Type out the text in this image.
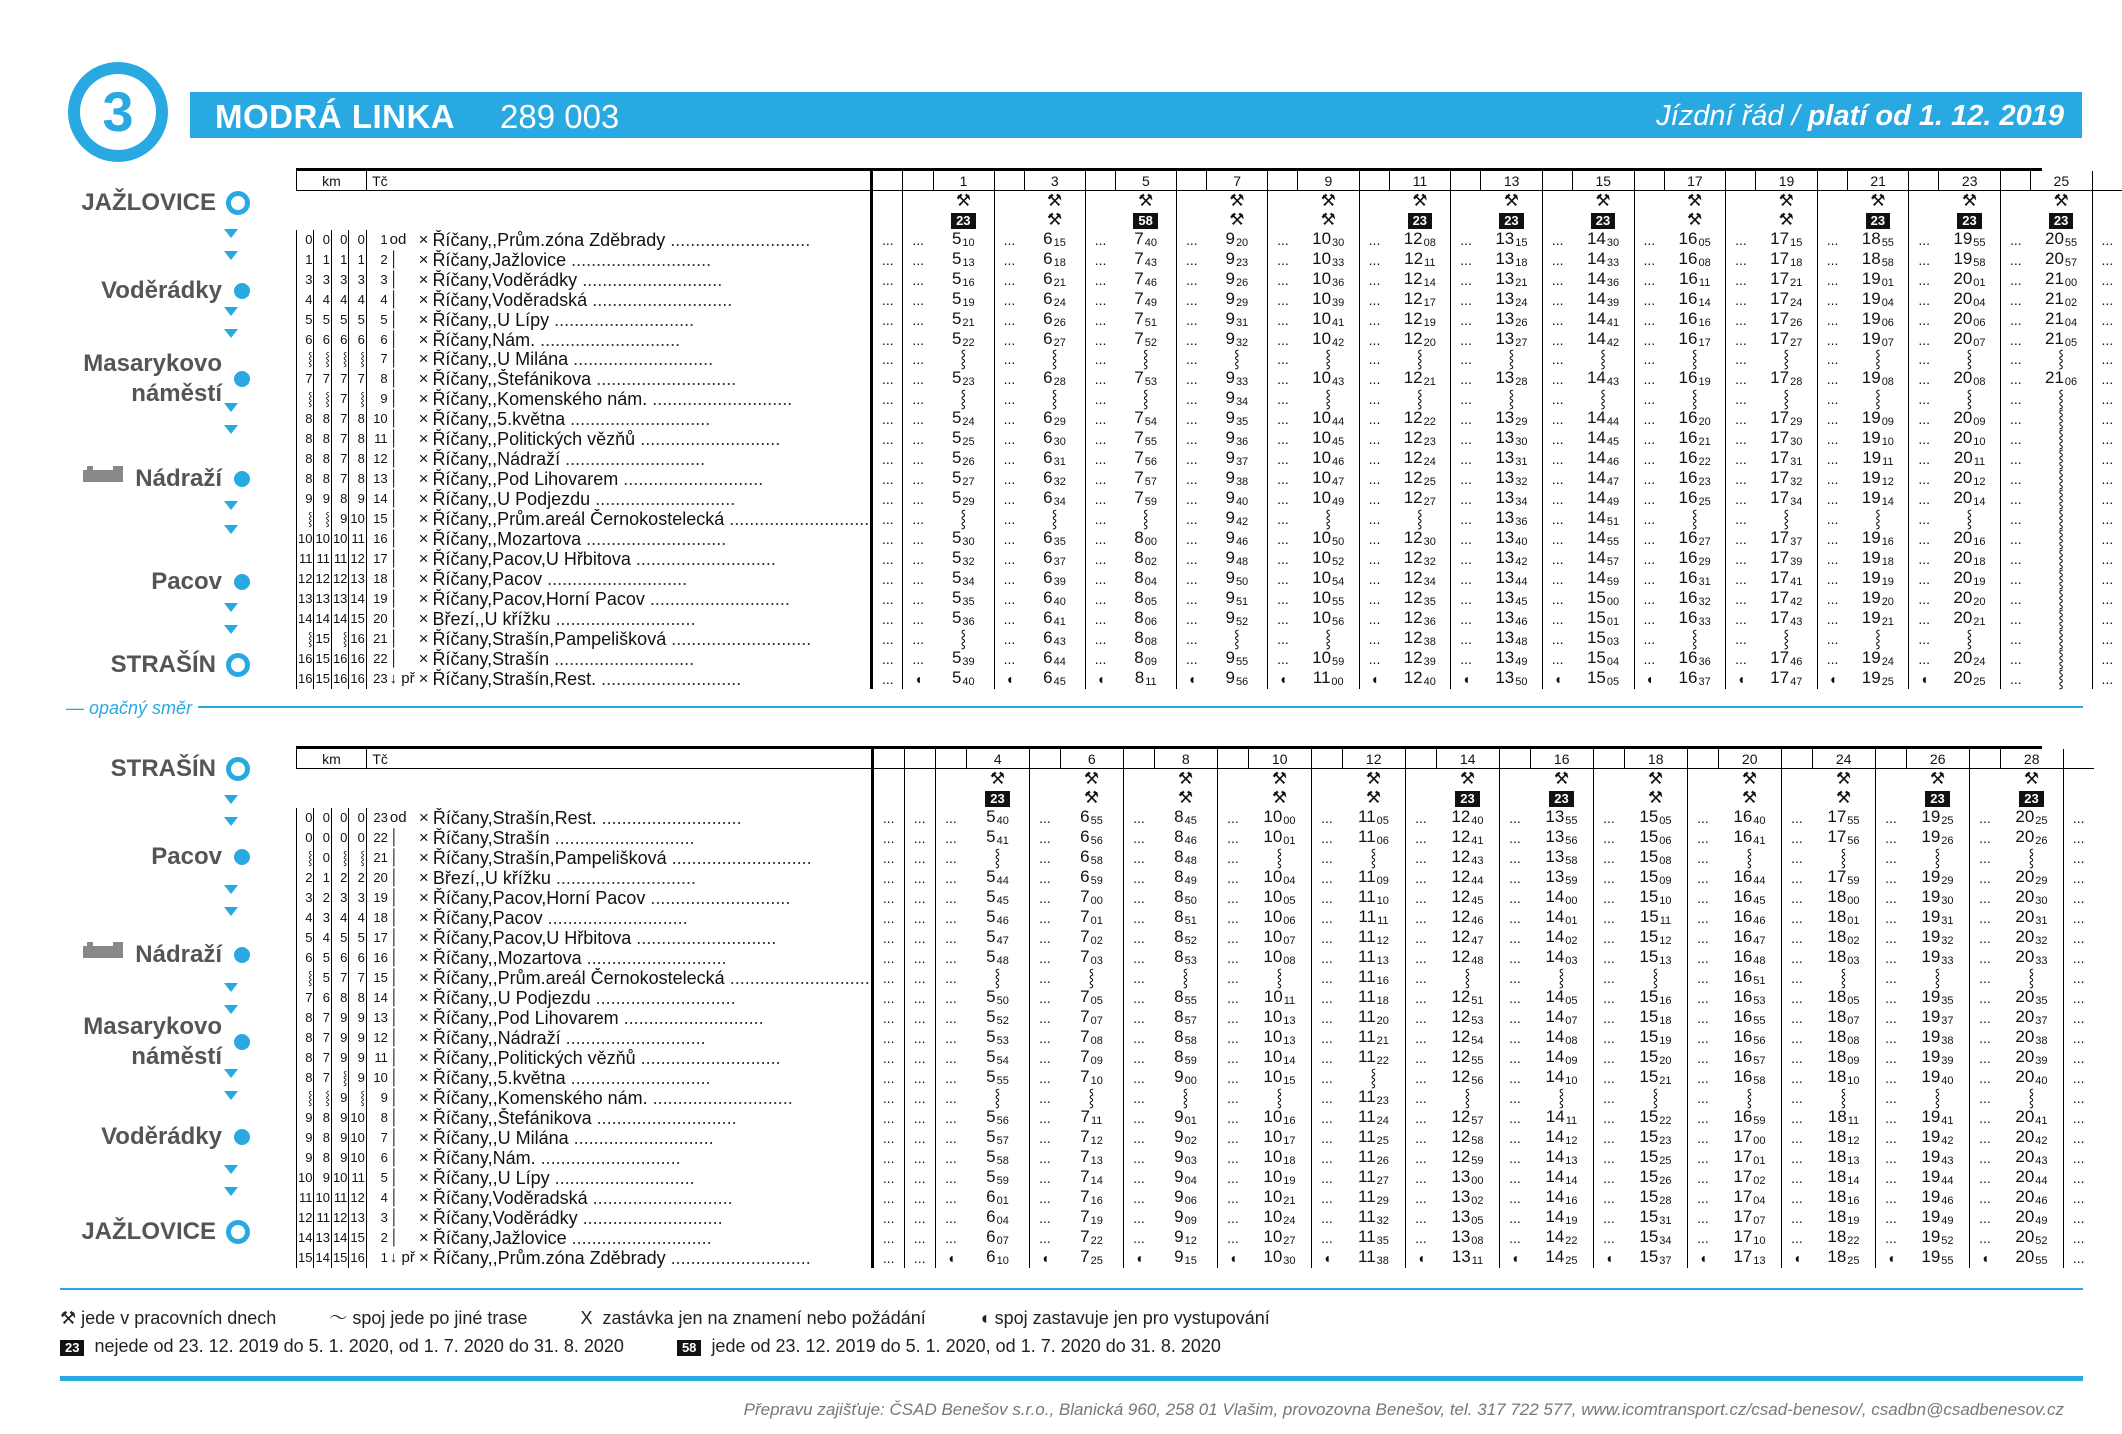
3	MODRÁ LINKA 289 003	Jízdní řád / platí od 1. 12. 2019
km				Tč						1		3		5		7		9		11		13		15		17		19		21		23		25	
										⚒		⚒		⚒		⚒		⚒		⚒		⚒		⚒		⚒		⚒		⚒		⚒		⚒	
										23		⚒		58		⚒		⚒		23		23		23		⚒		⚒		23		23		23	
0	0	0	0	1	od	×	Říčany,,Prům.zóna Zděbrady ............................	...	...	$5_{10}$	...	$6_{15}$	...	$7_{40}$	...	$9_{20}$	...	$10_{30}$	...	$12_{08}$	...	$13_{15}$	...	$14_{30}$	...	$16_{05}$	...	$17_{15}$	...	$18_{55}$	...	$19_{55}$	...	$20_{55}$	...
1	1	1	1	2	│	×	Říčany,Jažlovice ............................	...	...	$5_{13}$	...	$6_{18}$	...	$7_{43}$	...	$9_{23}$	...	$10_{33}$	...	$12_{11}$	...	$13_{18}$	...	$14_{33}$	...	$16_{08}$	...	$17_{18}$	...	$18_{58}$	...	$19_{58}$	...	$20_{57}$	...
3	3	3	3	3	│	×	Říčany,Voděrádky ............................	...	...	$5_{16}$	...	$6_{21}$	...	$7_{46}$	...	$9_{26}$	...	$10_{36}$	...	$12_{14}$	...	$13_{21}$	...	$14_{36}$	...	$16_{11}$	...	$17_{21}$	...	$19_{01}$	...	$20_{01}$	...	$21_{00}$	...
4	4	4	4	4	│	×	Říčany,Voděradská ............................	...	...	$5_{19}$	...	$6_{24}$	...	$7_{49}$	...	$9_{29}$	...	$10_{39}$	...	$12_{17}$	...	$13_{24}$	...	$14_{39}$	...	$16_{14}$	...	$17_{24}$	...	$19_{04}$	...	$20_{04}$	...	$21_{02}$	...
5	5	5	5	5	│	×	Říčany,,U Lípy ............................	...	...	$5_{21}$	...	$6_{26}$	...	$7_{51}$	...	$9_{31}$	...	$10_{41}$	...	$12_{19}$	...	$13_{26}$	...	$14_{41}$	...	$16_{16}$	...	$17_{26}$	...	$19_{06}$	...	$20_{06}$	...	$21_{04}$	...
6	6	6	6	6	│	×	Říčany,Nám. ............................	...	...	$5_{22}$	...	$6_{27}$	...	$7_{52}$	...	$9_{32}$	...	$10_{42}$	...	$12_{20}$	...	$13_{27}$	...	$14_{42}$	...	$16_{17}$	...	$17_{27}$	...	$19_{07}$	...	$20_{07}$	...	$21_{05}$	...
⸾	⸾	⸾	⸾	7	│	×	Říčany,,U Milána ............................	...	...	⸾	...	⸾	...	⸾	...	⸾	...	⸾	...	⸾	...	⸾	...	⸾	...	⸾	...	⸾	...	⸾	...	⸾	...	⸾	...
7	7	7	7	8	│	×	Říčany,,Štefánikova ............................	...	...	$5_{23}$	...	$6_{28}$	...	$7_{53}$	...	$9_{33}$	...	$10_{43}$	...	$12_{21}$	...	$13_{28}$	...	$14_{43}$	...	$16_{19}$	...	$17_{28}$	...	$19_{08}$	...	$20_{08}$	...	$21_{06}$	...
⸾	⸾	7	⸾	9	│	×	Říčany,,Komenského nám. ............................	...	...	⸾	...	⸾	...	⸾	...	$9_{34}$	...	⸾	...	⸾	...	⸾	...	⸾	...	⸾	...	⸾	...	⸾	...	⸾	...	⸾	...
8	8	7	8	10	│	×	Říčany,,5.května ............................	...	...	$5_{24}$	...	$6_{29}$	...	$7_{54}$	...	$9_{35}$	...	$10_{44}$	...	$12_{22}$	...	$13_{29}$	...	$14_{44}$	...	$16_{20}$	...	$17_{29}$	...	$19_{09}$	...	$20_{09}$	...	⸾	...
8	8	7	8	11	│	×	Říčany,,Politických vězňů ............................	...	...	$5_{25}$	...	$6_{30}$	...	$7_{55}$	...	$9_{36}$	...	$10_{45}$	...	$12_{23}$	...	$13_{30}$	...	$14_{45}$	...	$16_{21}$	...	$17_{30}$	...	$19_{10}$	...	$20_{10}$	...	⸾	...
8	8	7	8	12	│	×	Říčany,,Nádraží ............................	...	...	$5_{26}$	...	$6_{31}$	...	$7_{56}$	...	$9_{37}$	...	$10_{46}$	...	$12_{24}$	...	$13_{31}$	...	$14_{46}$	...	$16_{22}$	...	$17_{31}$	...	$19_{11}$	...	$20_{11}$	...	⸾	...
8	8	7	8	13	│	×	Říčany,,Pod Lihovarem ............................	...	...	$5_{27}$	...	$6_{32}$	...	$7_{57}$	...	$9_{38}$	...	$10_{47}$	...	$12_{25}$	...	$13_{32}$	...	$14_{47}$	...	$16_{23}$	...	$17_{32}$	...	$19_{12}$	...	$20_{12}$	...	⸾	...
9	9	8	9	14	│	×	Říčany,,U Podjezdu ............................	...	...	$5_{29}$	...	$6_{34}$	...	$7_{59}$	...	$9_{40}$	...	$10_{49}$	...	$12_{27}$	...	$13_{34}$	...	$14_{49}$	...	$16_{25}$	...	$17_{34}$	...	$19_{14}$	...	$20_{14}$	...	⸾	...
⸾	⸾	9	10	15	│	×	Říčany,,Prům.areál Černokostelecká ............................	...	...	⸾	...	⸾	...	⸾	...	$9_{42}$	...	⸾	...	⸾	...	$13_{36}$	...	$14_{51}$	...	⸾	...	⸾	...	⸾	...	⸾	...	⸾	...
10	10	10	11	16	│	×	Říčany,,Mozartova ............................	...	...	$5_{30}$	...	$6_{35}$	...	$8_{00}$	...	$9_{46}$	...	$10_{50}$	...	$12_{30}$	...	$13_{40}$	...	$14_{55}$	...	$16_{27}$	...	$17_{37}$	...	$19_{16}$	...	$20_{16}$	...	⸾	...
11	11	11	12	17	│	×	Říčany,Pacov,U Hřbitova ............................	...	...	$5_{32}$	...	$6_{37}$	...	$8_{02}$	...	$9_{48}$	...	$10_{52}$	...	$12_{32}$	...	$13_{42}$	...	$14_{57}$	...	$16_{29}$	...	$17_{39}$	...	$19_{18}$	...	$20_{18}$	...	⸾	...
12	12	12	13	18	│	×	Říčany,Pacov ............................	...	...	$5_{34}$	...	$6_{39}$	...	$8_{04}$	...	$9_{50}$	...	$10_{54}$	...	$12_{34}$	...	$13_{44}$	...	$14_{59}$	...	$16_{31}$	...	$17_{41}$	...	$19_{19}$	...	$20_{19}$	...	⸾	...
13	13	13	14	19	│	×	Říčany,Pacov,Horní Pacov ............................	...	...	$5_{35}$	...	$6_{40}$	...	$8_{05}$	...	$9_{51}$	...	$10_{55}$	...	$12_{35}$	...	$13_{45}$	...	$15_{00}$	...	$16_{32}$	...	$17_{42}$	...	$19_{20}$	...	$20_{20}$	...	⸾	...
14	14	14	15	20	│	×	Březí,,U křížku ............................	...	...	$5_{36}$	...	$6_{41}$	...	$8_{06}$	...	$9_{52}$	...	$10_{56}$	...	$12_{36}$	...	$13_{46}$	...	$15_{01}$	...	$16_{33}$	...	$17_{43}$	...	$19_{21}$	...	$20_{21}$	...	⸾	...
⸾	15	⸾	16	21	│	×	Říčany,Strašín,Pampelišková ............................	...	...	⸾	...	$6_{43}$	...	$8_{08}$	...	⸾	...	⸾	...	$12_{38}$	...	$13_{48}$	...	$15_{03}$	...	⸾	...	⸾	...	⸾	...	⸾	...	⸾	...
16	15	16	16	22	│	×	Říčany,Strašín ............................	...	...	$5_{39}$	...	$6_{44}$	...	$8_{09}$	...	$9_{55}$	...	$10_{59}$	...	$12_{39}$	...	$13_{49}$	...	$15_{04}$	...	$16_{36}$	...	$17_{46}$	...	$19_{24}$	...	$20_{24}$	...	⸾	...
16	15	16	16	23	↓ př	×	Říčany,Strašín,Rest. ............................	...	◖	$5_{40}$	◖	$6_{45}$	◖	$8_{11}$	◖	$9_{56}$	◖	$11_{00}$	◖	$12_{40}$	◖	$13_{50}$	◖	$15_{05}$	◖	$16_{37}$	◖	$17_{47}$	◖	$19_{25}$	◖	$20_{25}$	...	⸾	...
— opačný směr
km				Tč							4		6		8		10		12		14		16		18		20		24		26		28	
											⚒		⚒		⚒		⚒		⚒		⚒		⚒		⚒		⚒		⚒		⚒		⚒	
											23		⚒		⚒		⚒		⚒		23		23		⚒		⚒		⚒		23		23	
0	0	0	0	23	od	×	Říčany,Strašín,Rest. ............................	...	...	...	$5_{40}$	...	$6_{55}$	...	$8_{45}$	...	$10_{00}$	...	$11_{05}$	...	$12_{40}$	...	$13_{55}$	...	$15_{05}$	...	$16_{40}$	...	$17_{55}$	...	$19_{25}$	...	$20_{25}$	...
0	0	0	0	22	│	×	Říčany,Strašín ............................	...	...	...	$5_{41}$	...	$6_{56}$	...	$8_{46}$	...	$10_{01}$	...	$11_{06}$	...	$12_{41}$	...	$13_{56}$	...	$15_{06}$	...	$16_{41}$	...	$17_{56}$	...	$19_{26}$	...	$20_{26}$	...
⸾	0	⸾	⸾	21	│	×	Říčany,Strašín,Pampelišková ............................	...	...	...	⸾	...	$6_{58}$	...	$8_{48}$	...	⸾	...	⸾	...	$12_{43}$	...	$13_{58}$	...	$15_{08}$	...	⸾	...	⸾	...	⸾	...	⸾	...
2	1	2	2	20	│	×	Březí,,U křížku ............................	...	...	...	$5_{44}$	...	$6_{59}$	...	$8_{49}$	...	$10_{04}$	...	$11_{09}$	...	$12_{44}$	...	$13_{59}$	...	$15_{09}$	...	$16_{44}$	...	$17_{59}$	...	$19_{29}$	...	$20_{29}$	...
3	2	3	3	19	│	×	Říčany,Pacov,Horní Pacov ............................	...	...	...	$5_{45}$	...	$7_{00}$	...	$8_{50}$	...	$10_{05}$	...	$11_{10}$	...	$12_{45}$	...	$14_{00}$	...	$15_{10}$	...	$16_{45}$	...	$18_{00}$	...	$19_{30}$	...	$20_{30}$	...
4	3	4	4	18	│	×	Říčany,Pacov ............................	...	...	...	$5_{46}$	...	$7_{01}$	...	$8_{51}$	...	$10_{06}$	...	$11_{11}$	...	$12_{46}$	...	$14_{01}$	...	$15_{11}$	...	$16_{46}$	...	$18_{01}$	...	$19_{31}$	...	$20_{31}$	...
5	4	5	5	17	│	×	Říčany,Pacov,U Hřbitova ............................	...	...	...	$5_{47}$	...	$7_{02}$	...	$8_{52}$	...	$10_{07}$	...	$11_{12}$	...	$12_{47}$	...	$14_{02}$	...	$15_{12}$	...	$16_{47}$	...	$18_{02}$	...	$19_{32}$	...	$20_{32}$	...
6	5	6	6	16	│	×	Říčany,,Mozartova ............................	...	...	...	$5_{48}$	...	$7_{03}$	...	$8_{53}$	...	$10_{08}$	...	$11_{13}$	...	$12_{48}$	...	$14_{03}$	...	$15_{13}$	...	$16_{48}$	...	$18_{03}$	...	$19_{33}$	...	$20_{33}$	...
⸾	5	7	7	15	│	×	Říčany,,Prům.areál Černokostelecká ............................	...	...	...	⸾	...	⸾	...	⸾	...	⸾	...	$11_{16}$	...	⸾	...	⸾	...	⸾	...	$16_{51}$	...	⸾	...	⸾	...	⸾	...
7	6	8	8	14	│	×	Říčany,,U Podjezdu ............................	...	...	...	$5_{50}$	...	$7_{05}$	...	$8_{55}$	...	$10_{11}$	...	$11_{18}$	...	$12_{51}$	...	$14_{05}$	...	$15_{16}$	...	$16_{53}$	...	$18_{05}$	...	$19_{35}$	...	$20_{35}$	...
8	7	9	9	13	│	×	Říčany,,Pod Lihovarem ............................	...	...	...	$5_{52}$	...	$7_{07}$	...	$8_{57}$	...	$10_{13}$	...	$11_{20}$	...	$12_{53}$	...	$14_{07}$	...	$15_{18}$	...	$16_{55}$	...	$18_{07}$	...	$19_{37}$	...	$20_{37}$	...
8	7	9	9	12	│	×	Říčany,,Nádraží ............................	...	...	...	$5_{53}$	...	$7_{08}$	...	$8_{58}$	...	$10_{13}$	...	$11_{21}$	...	$12_{54}$	...	$14_{08}$	...	$15_{19}$	...	$16_{56}$	...	$18_{08}$	...	$19_{38}$	...	$20_{38}$	...
8	7	9	9	11	│	×	Říčany,,Politických vězňů ............................	...	...	...	$5_{54}$	...	$7_{09}$	...	$8_{59}$	...	$10_{14}$	...	$11_{22}$	...	$12_{55}$	...	$14_{09}$	...	$15_{20}$	...	$16_{57}$	...	$18_{09}$	...	$19_{39}$	...	$20_{39}$	...
8	7	⸾	9	10	│	×	Říčany,,5.května ............................	...	...	...	$5_{55}$	...	$7_{10}$	...	$9_{00}$	...	$10_{15}$	...	⸾	...	$12_{56}$	...	$14_{10}$	...	$15_{21}$	...	$16_{58}$	...	$18_{10}$	...	$19_{40}$	...	$20_{40}$	...
⸾	⸾	9	⸾	9	│	×	Říčany,,Komenského nám. ............................	...	...	...	⸾	...	⸾	...	⸾	...	⸾	...	$11_{23}$	...	⸾	...	⸾	...	⸾	...	⸾	...	⸾	...	⸾	...	⸾	...
9	8	9	10	8	│	×	Říčany,,Štefánikova ............................	...	...	...	$5_{56}$	...	$7_{11}$	...	$9_{01}$	...	$10_{16}$	...	$11_{24}$	...	$12_{57}$	...	$14_{11}$	...	$15_{22}$	...	$16_{59}$	...	$18_{11}$	...	$19_{41}$	...	$20_{41}$	...
9	8	9	10	7	│	×	Říčany,,U Milána ............................	...	...	...	$5_{57}$	...	$7_{12}$	...	$9_{02}$	...	$10_{17}$	...	$11_{25}$	...	$12_{58}$	...	$14_{12}$	...	$15_{23}$	...	$17_{00}$	...	$18_{12}$	...	$19_{42}$	...	$20_{42}$	...
9	8	9	10	6	│	×	Říčany,Nám. ............................	...	...	...	$5_{58}$	...	$7_{13}$	...	$9_{03}$	...	$10_{18}$	...	$11_{26}$	...	$12_{59}$	...	$14_{13}$	...	$15_{25}$	...	$17_{01}$	...	$18_{13}$	...	$19_{43}$	...	$20_{43}$	...
10	9	10	11	5	│	×	Říčany,,U Lípy ............................	...	...	...	$5_{59}$	...	$7_{14}$	...	$9_{04}$	...	$10_{19}$	...	$11_{27}$	...	$13_{00}$	...	$14_{14}$	...	$15_{26}$	...	$17_{02}$	...	$18_{14}$	...	$19_{44}$	...	$20_{44}$	...
11	10	11	12	4	│	×	Říčany,Voděradská ............................	...	...	...	$6_{01}$	...	$7_{16}$	...	$9_{06}$	...	$10_{21}$	...	$11_{29}$	...	$13_{02}$	...	$14_{16}$	...	$15_{28}$	...	$17_{04}$	...	$18_{16}$	...	$19_{46}$	...	$20_{46}$	...
12	11	12	13	3	│	×	Říčany,Voděrádky ............................	...	...	...	$6_{04}$	...	$7_{19}$	...	$9_{09}$	...	$10_{24}$	...	$11_{32}$	...	$13_{05}$	...	$14_{19}$	...	$15_{31}$	...	$17_{07}$	...	$18_{19}$	...	$19_{49}$	...	$20_{49}$	...
14	13	14	15	2	│	×	Říčany,Jažlovice ............................	...	...	...	$6_{07}$	...	$7_{22}$	...	$9_{12}$	...	$10_{27}$	...	$11_{35}$	...	$13_{08}$	...	$14_{22}$	...	$15_{34}$	...	$17_{10}$	...	$18_{22}$	...	$19_{52}$	...	$20_{52}$	...
15	14	15	16	1	↓ př	×	Říčany,,Prům.zóna Zděbrady ............................	...	...	◖	$6_{10}$	◖	$7_{25}$	◖	$9_{15}$	◖	$10_{30}$	◖	$11_{38}$	◖	$13_{11}$	◖	$14_{25}$	◖	$15_{37}$	◖	$17_{13}$	◖	$18_{25}$	◖	$19_{55}$	◖	$20_{55}$	...
⚒ jede v pracovních dnech	〜 spoj jede po jiné trase	X zastávka jen na znamení nebo požádání	◖ spoj zastavuje jen pro vystupování
23 nejede od 23. 12. 2019 do 5. 1. 2020, od 1. 7. 2020 do 31. 8. 2020	58 jede od 23. 12. 2019 do 5. 1. 2020, od 1. 7. 2020 do 31. 8. 2020
Přepravu zajišťuje: ČSAD Benešov s.r.o., Blanická 960, 258 01 Vlašim, provozovna Benešov, tel. 317 722 577, www.icomtransport.cz/csad-benesov/, csadbn@csadbenesov.cz
JAŽLOVICE
Voděrádky
Masarykovo
náměstí
Nádraží
Pacov
STRAŠÍN
STRAŠÍN
Pacov
Nádraží
Masarykovo
náměstí
Voděrádky
JAŽLOVICE
